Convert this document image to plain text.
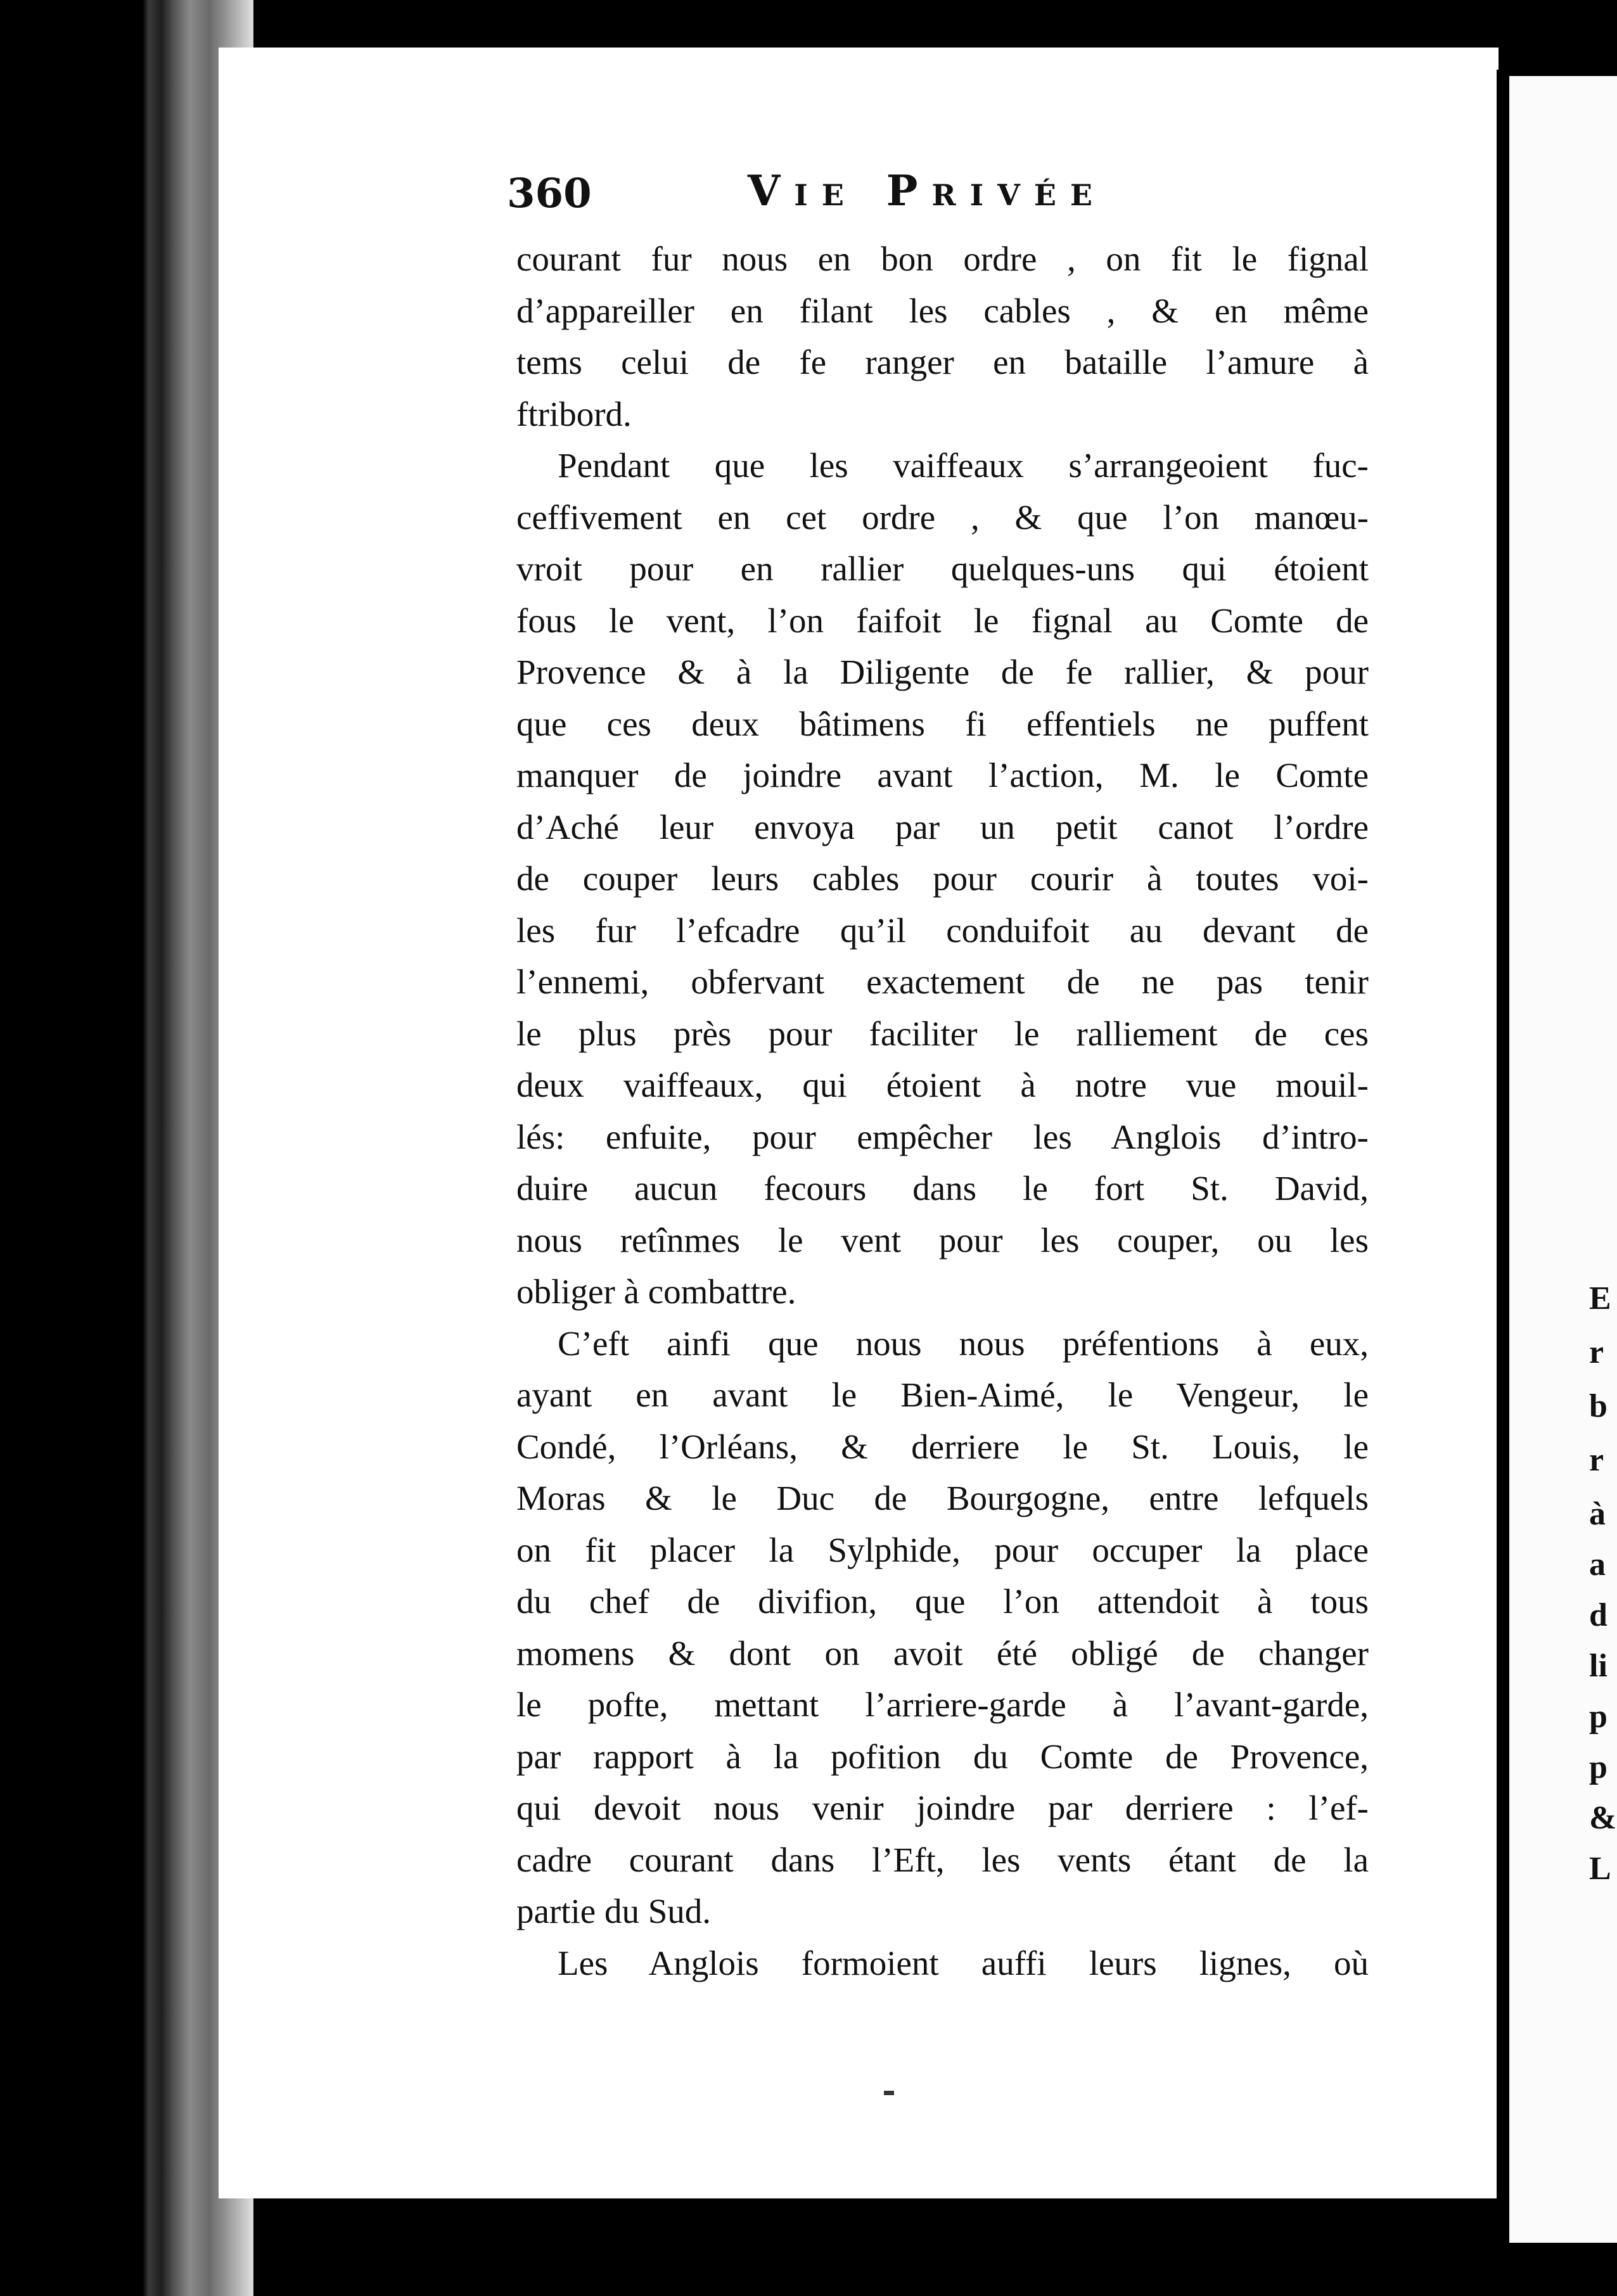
360	Vie Privée
courant fur nous en bon ordre , on fit le fignal
d’appareiller en filant les cables , & en même
tems celui de fe ranger en bataille l’amure à
ftribord.
Pendant que les vaiffeaux s’arrangeoient fuc-
ceffivement en cet ordre , & que l’on manœu-
vroit pour en rallier quelques-uns qui étoient
fous le vent, l’on faifoit le fignal au Comte de
Provence & à la Diligente de fe rallier, & pour
que ces deux bâtimens fi effentiels ne puffent
manquer de joindre avant l’action, M. le Comte
d’Aché leur envoya par un petit canot l’ordre
de couper leurs cables pour courir à toutes voi-
les fur l’efcadre qu’il conduifoit au devant de
l’ennemi, obfervant exactement de ne pas tenir
le plus près pour faciliter le ralliement de ces
deux vaiffeaux, qui étoient à notre vue mouil-
lés: enfuite, pour empêcher les Anglois d’intro-
duire aucun fecours dans le fort St. David,
nous retînmes le vent pour les couper, ou les
obliger à combattre.
C’eft ainfi que nous nous préfentions à eux,
ayant en avant le Bien-Aimé, le Vengeur, le
Condé, l’Orléans, & derriere le St. Louis, le
Moras & le Duc de Bourgogne, entre lefquels
on fit placer la Sylphide, pour occuper la place
du chef de divifion, que l’on attendoit à tous
momens & dont on avoit été obligé de changer
le pofte, mettant l’arriere-garde à l’avant-garde,
par rapport à la pofition du Comte de Provence,
qui devoit nous venir joindre par derriere : l’ef-
cadre courant dans l’Eft, les vents étant de la
partie du Sud.
Les Anglois formoient auffi leurs lignes, où
E
r
b
r
à
a
d
li
p
p
&
L
